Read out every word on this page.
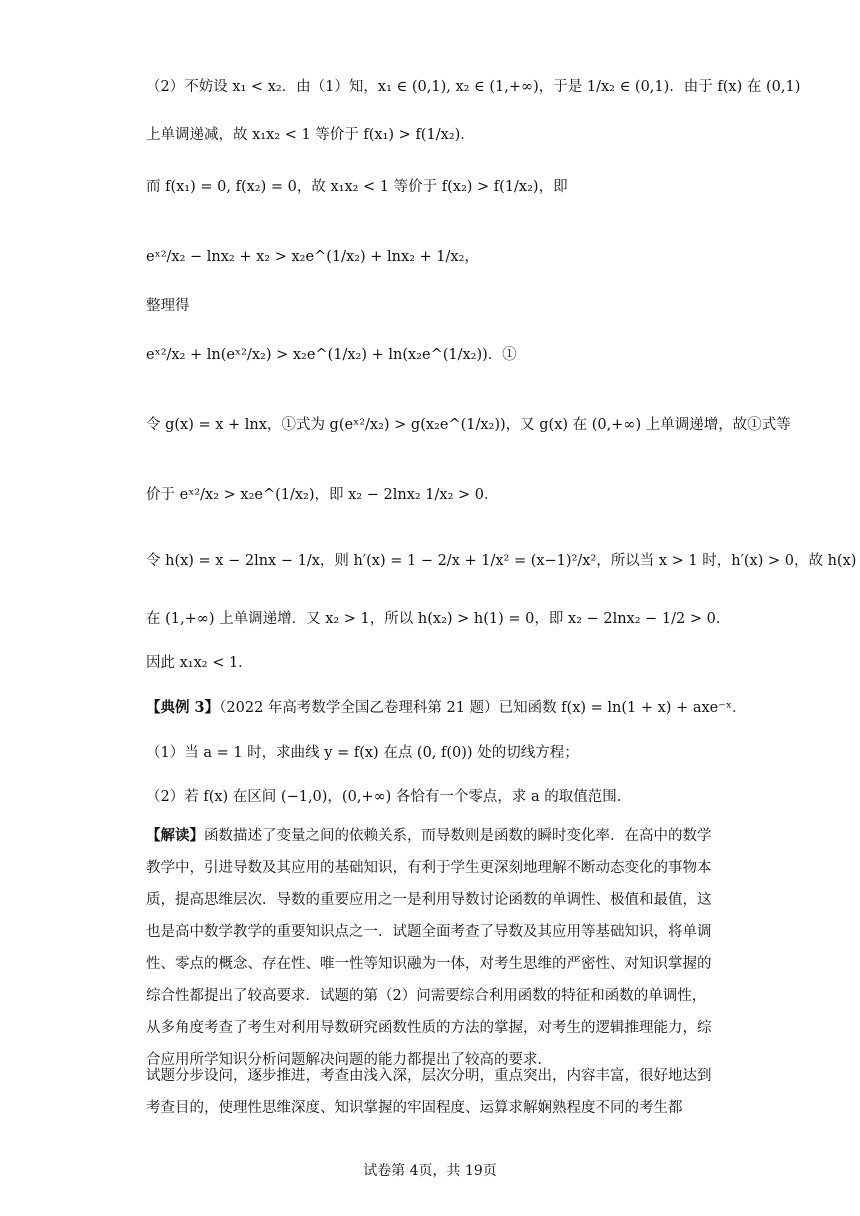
（2）不妨设 x₁ < x₂．由（1）知，x₁ ∈ (0,1), x₂ ∈ (1,+∞)，于是 1/x₂ ∈ (0,1)．由于 f(x) 在 (0,1)
上单调递减，故 x₁x₂ < 1 等价于 f(x₁) > f(1/x₂)．
而 f(x₁) = 0, f(x₂) = 0，故 x₁x₂ < 1 等价于 f(x₂) > f(1/x₂)，即
eˣ²/x₂ − lnx₂ + x₂ > x₂e^(1/x₂) + lnx₂ + 1/x₂，
整理得
eˣ²/x₂ + ln(eˣ²/x₂) > x₂e^(1/x₂) + ln(x₂e^(1/x₂))．①
令 g(x) = x + lnx，①式为 g(eˣ²/x₂) > g(x₂e^(1/x₂))，又 g(x) 在 (0,+∞) 上单调递增，故①式等
价于 eˣ²/x₂ > x₂e^(1/x₂)，即 x₂ − 2lnx₂ 1/x₂ > 0．
令 h(x) = x − 2lnx − 1/x，则 h′(x) = 1 − 2/x + 1/x² = (x−1)²/x²，所以当 x > 1 时，h′(x) > 0，故 h(x)
在 (1,+∞) 上单调递增．又 x₂ > 1，所以 h(x₂) > h(1) = 0，即 x₂ − 2lnx₂ − 1/2 > 0．
因此 x₁x₂ < 1．
【典例 3】（2022 年高考数学全国乙卷理科第 21 题）已知函数 f(x) = ln(1 + x) + axe⁻ˣ．
（1）当 a = 1 时，求曲线 y = f(x) 在点 (0, f(0)) 处的切线方程；
（2）若 f(x) 在区间 (−1,0)，(0,+∞) 各恰有一个零点，求 a 的取值范围．
【解读】函数描述了变量之间的依赖关系，而导数则是函数的瞬时变化率．在高中的数学教学中，引进导数及其应用的基础知识，有利于学生更深刻地理解不断动态变化的事物本质，提高思维层次．导数的重要应用之一是利用导数讨论函数的单调性、极值和最值，这也是高中数学教学的重要知识点之一．试题全面考查了导数及其应用等基础知识，将单调性、零点的概念、存在性、唯一性等知识融为一体，对考生思维的严密性、对知识掌握的综合性都提出了较高要求．试题的第（2）问需要综合利用函数的特征和函数的单调性，从多角度考查了考生对利用导数研究函数性质的方法的掌握，对考生的逻辑推理能力，综合应用所学知识分析问题解决问题的能力都提出了较高的要求．
试题分步设问，逐步推进，考查由浅入深，层次分明，重点突出，内容丰富，很好地达到考查目的，使理性思维深度、知识掌握的牢固程度、运算求解娴熟程度不同的考生都
试卷第 4页，共 19页
